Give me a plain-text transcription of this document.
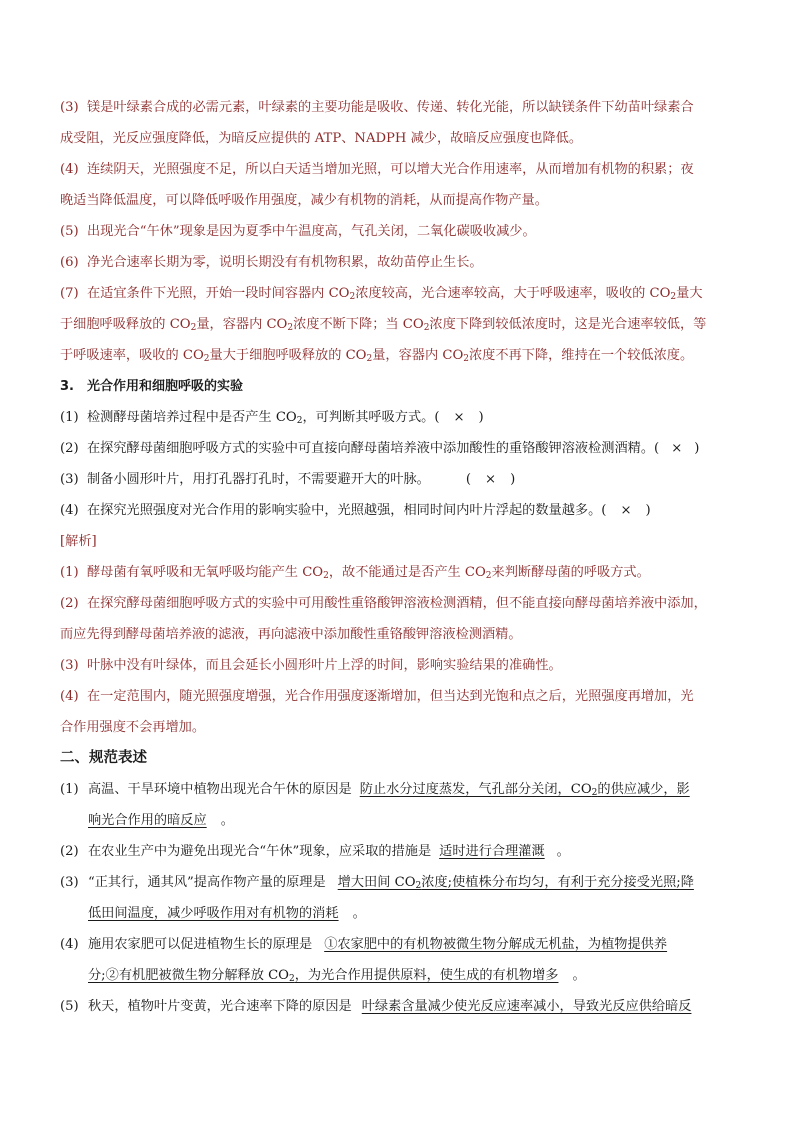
(3) 镁是叶绿素合成的必需元素，叶绿素的主要功能是吸收、传递、转化光能，所以缺镁条件下幼苗叶绿素合

成受阻，光反应强度降低，为暗反应提供的 ATP、NADPH 减少，故暗反应强度也降低。

(4) 连续阴天，光照强度不足，所以白天适当增加光照，可以增大光合作用速率，从而增加有机物的积累；夜

晚适当降低温度，可以降低呼吸作用强度，减少有机物的消耗，从而提高作物产量。

(5) 出现光合“午休”现象是因为夏季中午温度高，气孔关闭，二氧化碳吸收减少。

(6) 净光合速率长期为零，说明长期没有有机物积累，故幼苗停止生长。

(7) 在适宜条件下光照，开始一段时间容器内 $CO_2$浓度较高，光合速率较高，大于呼吸速率，吸收的 $CO_2$量大

于细胞呼吸释放的 $CO_2$量，容器内 $CO_2$浓度不断下降；当 $CO_2$浓度下降到较低浓度时，这是光合速率较低，等

于呼吸速率，吸收的 $CO_2$量大于细胞呼吸释放的 $CO_2$量，容器内 $CO_2$浓度不再下降，维持在一个较低浓度。

3. 光合作用和细胞呼吸的实验

(1) 检测酵母菌培养过程中是否产生 $CO_2$，可判断其呼吸方式。( × )

(2) 在探究酵母菌细胞呼吸方式的实验中可直接向酵母菌培养液中添加酸性的重铬酸钾溶液检测酒精。( × )

(3) 制备小圆形叶片，用打孔器打孔时，不需要避开大的叶脉。	( × )

(4) 在探究光照强度对光合作用的影响实验中，光照越强，相同时间内叶片浮起的数量越多。( × )

[解析]

(1) 酵母菌有氧呼吸和无氧呼吸均能产生 $CO_2$，故不能通过是否产生 $CO_2$来判断酵母菌的呼吸方式。

(2) 在探究酵母菌细胞呼吸方式的实验中可用酸性重铬酸钾溶液检测酒精，但不能直接向酵母菌培养液中添加，

而应先得到酵母菌培养液的滤液，再向滤液中添加酸性重铬酸钾溶液检测酒精。

(3) 叶脉中没有叶绿体，而且会延长小圆形叶片上浮的时间，影响实验结果的准确性。

(4) 在一定范围内，随光照强度增强，光合作用强度逐渐增加，但当达到光饱和点之后，光照强度再增加，光

合作用强度不会再增加。

二、规范表述

(1) 高温、干旱环境中植物出现光合午休的原因是 防止水分过度蒸发，气孔部分关闭，$CO_2$的供应减少，影

响光合作用的暗反应 。

(2) 在农业生产中为避免出现光合“午休”现象，应采取的措施是 适时进行合理灌溉 。

(3) “正其行，通其风”提高作物产量的原理是 增大田间 $CO_2$浓度;使植株分布均匀，有利于充分接受光照;降

低田间温度，减少呼吸作用对有机物的消耗 。

(4) 施用农家肥可以促进植物生长的原理是 ①农家肥中的有机物被微生物分解成无机盐，为植物提供养

分;②有机肥被微生物分解释放 $CO_2$，为光合作用提供原料，使生成的有机物增多 。

(5) 秋天，植物叶片变黄，光合速率下降的原因是 叶绿素含量减少使光反应速率减小，导致光反应供给暗反
